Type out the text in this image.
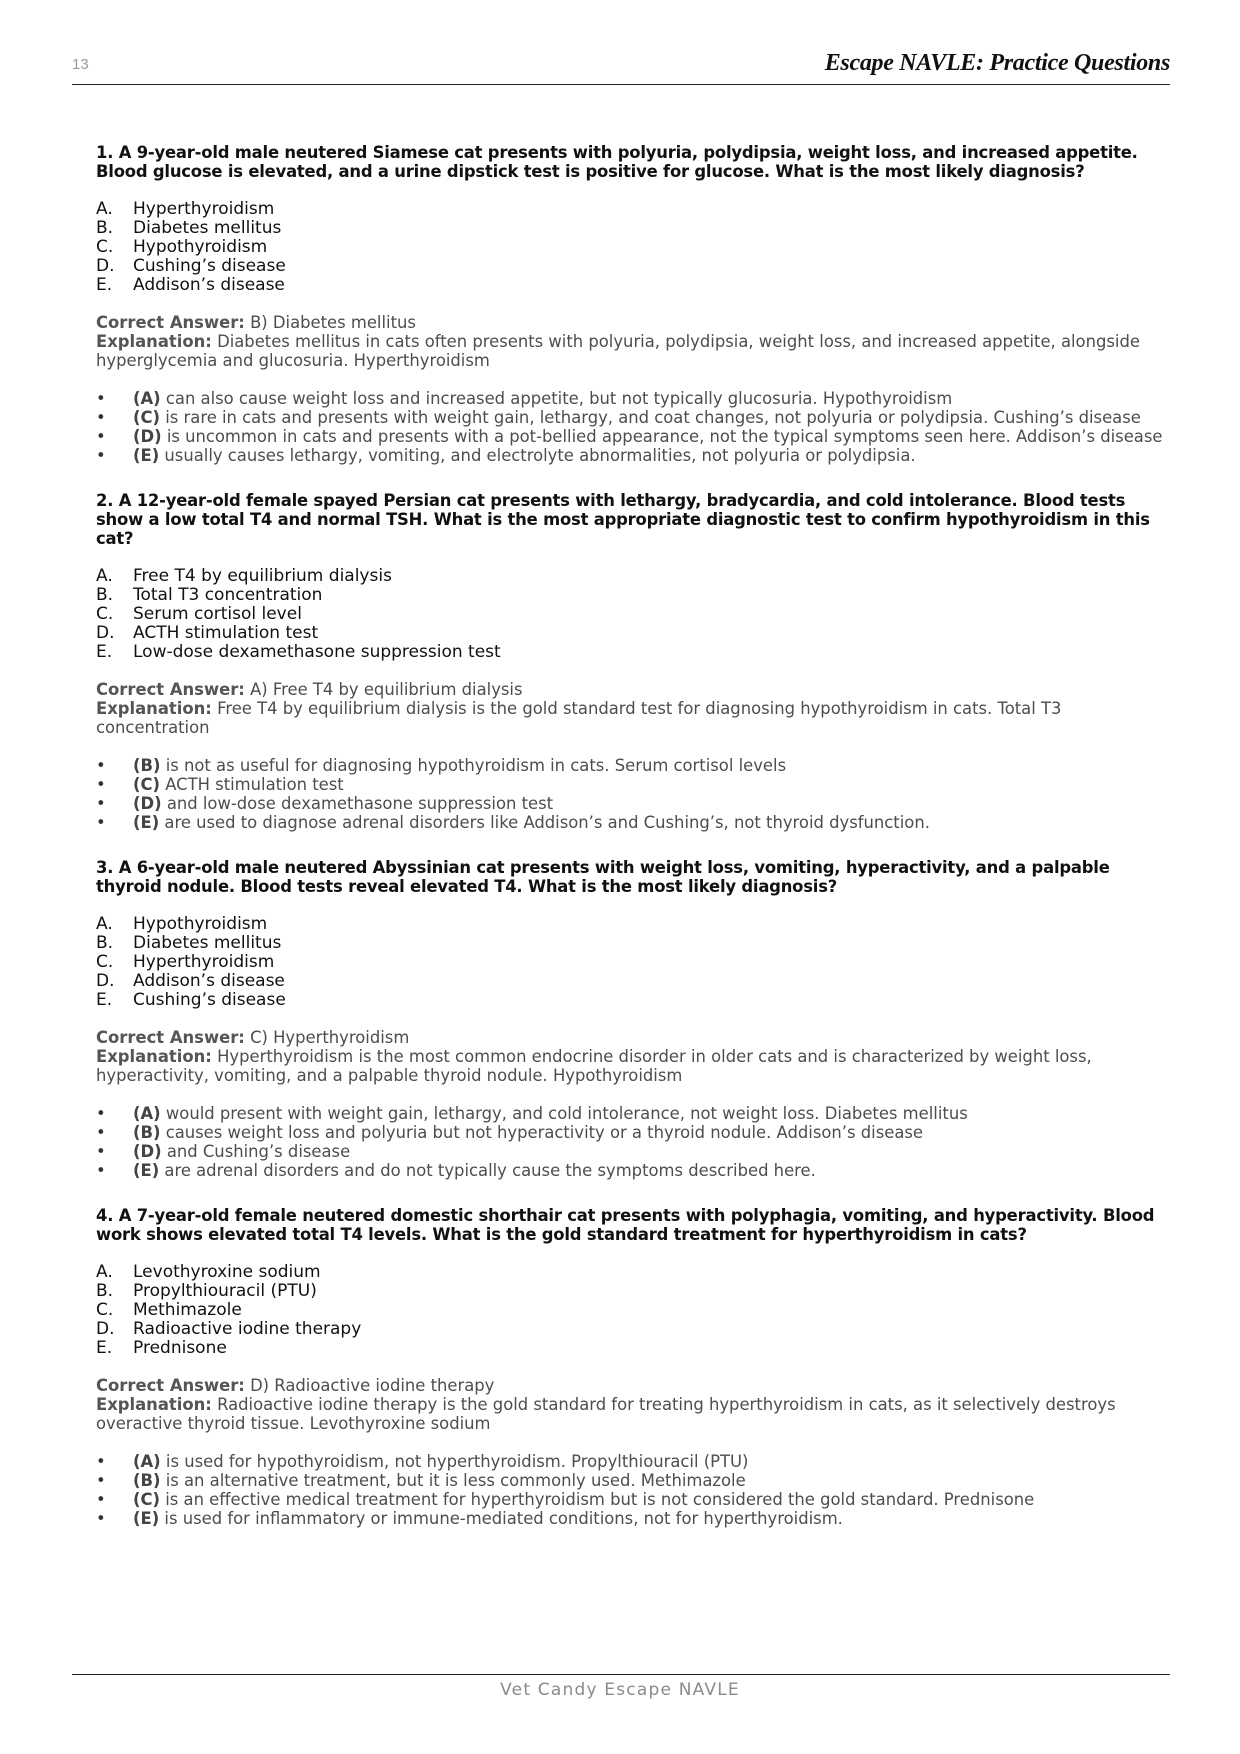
13	Escape NAVLE: Practice Questions

1. A 9-year-old male neutered Siamese cat presents with polyuria, polydipsia, weight loss, and increased appetite. Blood glucose is elevated, and a urine dipstick test is positive for glucose. What is the most likely diagnosis?

A.	Hyperthyroidism
B.	Diabetes mellitus
C.	Hypothyroidism
D.	Cushing’s disease
E.	Addison’s disease
Correct Answer: B) Diabetes mellitus
Explanation: Diabetes mellitus in cats often presents with polyuria, polydipsia, weight loss, and increased appetite, alongside hyperglycemia and glucosuria. Hyperthyroidism
•	(A) can also cause weight loss and increased appetite, but not typically glucosuria. Hypothyroidism
•	(C) is rare in cats and presents with weight gain, lethargy, and coat changes, not polyuria or polydipsia. Cushing’s disease
•	(D) is uncommon in cats and presents with a pot-bellied appearance, not the typical symptoms seen here. Addison’s disease
•	(E) usually causes lethargy, vomiting, and electrolyte abnormalities, not polyuria or polydipsia.

2. A 12-year-old female spayed Persian cat presents with lethargy, bradycardia, and cold intolerance. Blood tests show a low total T4 and normal TSH. What is the most appropriate diagnostic test to confirm hypothyroidism in this cat?

A.	Free T4 by equilibrium dialysis
B.	Total T3 concentration
C.	Serum cortisol level
D.	ACTH stimulation test
E.	Low-dose dexamethasone suppression test
Correct Answer: A) Free T4 by equilibrium dialysis
Explanation: Free T4 by equilibrium dialysis is the gold standard test for diagnosing hypothyroidism in cats. Total T3 concentration
•	(B) is not as useful for diagnosing hypothyroidism in cats. Serum cortisol levels
•	(C) ACTH stimulation test
•	(D) and low-dose dexamethasone suppression test
•	(E) are used to diagnose adrenal disorders like Addison’s and Cushing’s, not thyroid dysfunction.

3. A 6-year-old male neutered Abyssinian cat presents with weight loss, vomiting, hyperactivity, and a palpable thyroid nodule. Blood tests reveal elevated T4. What is the most likely diagnosis?

A.	Hypothyroidism
B.	Diabetes mellitus
C.	Hyperthyroidism
D.	Addison’s disease
E.	Cushing’s disease
Correct Answer: C) Hyperthyroidism
Explanation: Hyperthyroidism is the most common endocrine disorder in older cats and is characterized by weight loss, hyperactivity, vomiting, and a palpable thyroid nodule. Hypothyroidism
•	(A) would present with weight gain, lethargy, and cold intolerance, not weight loss. Diabetes mellitus
•	(B) causes weight loss and polyuria but not hyperactivity or a thyroid nodule. Addison’s disease
•	(D) and Cushing’s disease
•	(E) are adrenal disorders and do not typically cause the symptoms described here.

4. A 7-year-old female neutered domestic shorthair cat presents with polyphagia, vomiting, and hyperactivity. Blood work shows elevated total T4 levels. What is the gold standard treatment for hyperthyroidism in cats?

A.	Levothyroxine sodium
B.	Propylthiouracil (PTU)
C.	Methimazole
D.	Radioactive iodine therapy
E.	Prednisone
Correct Answer: D) Radioactive iodine therapy
Explanation: Radioactive iodine therapy is the gold standard for treating hyperthyroidism in cats, as it selectively destroys overactive thyroid tissue. Levothyroxine sodium
•	(A) is used for hypothyroidism, not hyperthyroidism. Propylthiouracil (PTU)
•	(B) is an alternative treatment, but it is less commonly used. Methimazole
•	(C) is an effective medical treatment for hyperthyroidism but is not considered the gold standard. Prednisone
•	(E) is used for inflammatory or immune-mediated conditions, not for hyperthyroidism.
Vet Candy Escape NAVLE
